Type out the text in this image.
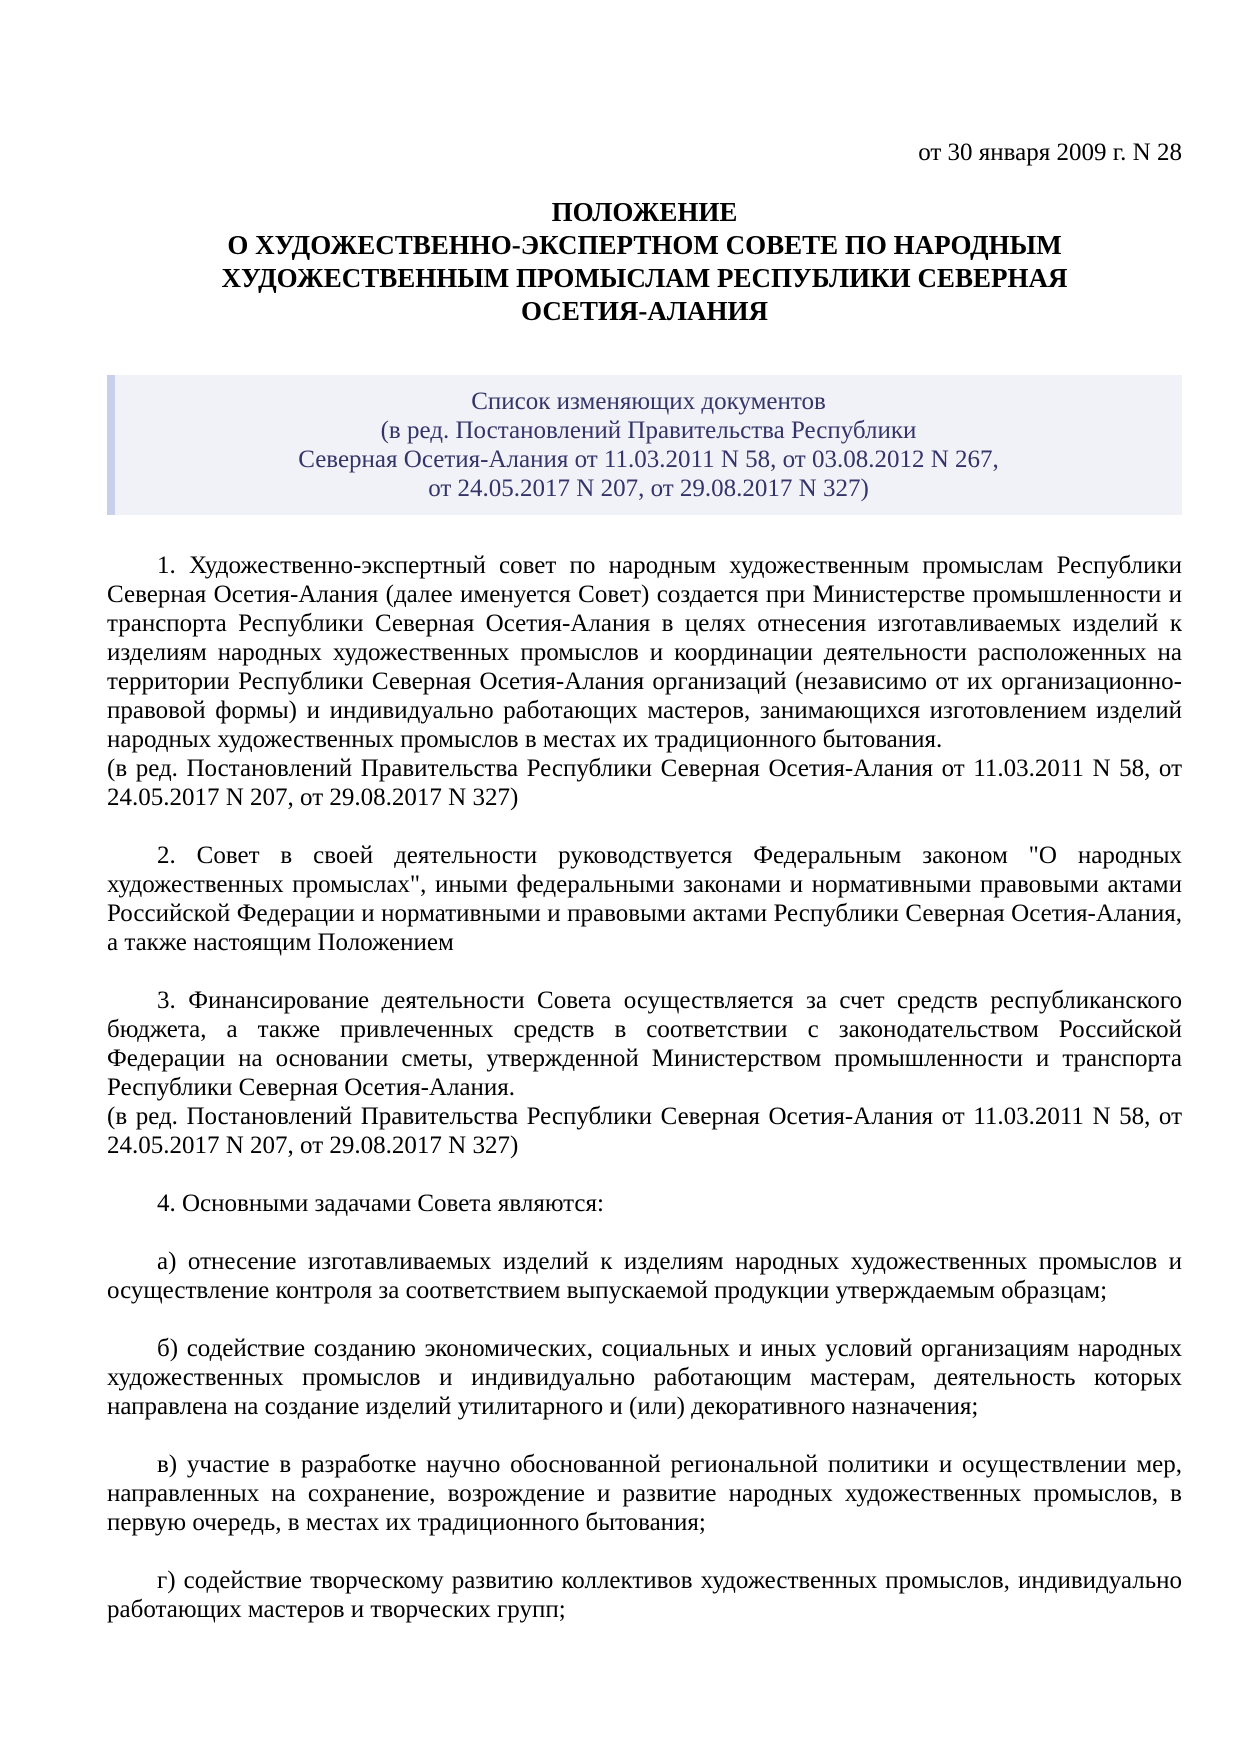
от 30 января 2009 г. N 28
ПОЛОЖЕНИЕ
О ХУДОЖЕСТВЕННО-ЭКСПЕРТНОМ СОВЕТЕ ПО НАРОДНЫМ
ХУДОЖЕСТВЕННЫМ ПРОМЫСЛАМ РЕСПУБЛИКИ СЕВЕРНАЯ
ОСЕТИЯ-АЛАНИЯ
Список изменяющих документов
(в ред. Постановлений Правительства Республики
Северная Осетия-Алания от 11.03.2011 N 58, от 03.08.2012 N 267,
от 24.05.2017 N 207, от 29.08.2017 N 327)

1. Художественно-экспертный совет по народным художественным промыслам Республики Северная Осетия-Алания (далее именуется Совет) создается при Министерстве промышленности и транспорта Республики Северная Осетия-Алания в целях отнесения изготавливаемых изделий к изделиям народных художественных промыслов и координации деятельности расположенных на территории Республики Северная Осетия-Алания организаций (независимо от их организационно-правовой формы) и индивидуально работающих мастеров, занимающихся изготовлением изделий народных художественных промыслов в местах их традиционного бытования.

(в ред. Постановлений Правительства Республики Северная Осетия-Алания от 11.03.2011 N 58, от 24.05.2017 N 207, от 29.08.2017 N 327)

2. Совет в своей деятельности руководствуется Федеральным законом "О народных художественных промыслах", иными федеральными законами и нормативными правовыми актами Российской Федерации и нормативными и правовыми актами Республики Северная Осетия-Алания, а также настоящим Положением

3. Финансирование деятельности Совета осуществляется за счет средств республиканского бюджета, а также привлеченных средств в соответствии с законодательством Российской Федерации на основании сметы, утвержденной Министерством промышленности и транспорта Республики Северная Осетия-Алания.

(в ред. Постановлений Правительства Республики Северная Осетия-Алания от 11.03.2011 N 58, от 24.05.2017 N 207, от 29.08.2017 N 327)

4. Основными задачами Совета являются:

а) отнесение изготавливаемых изделий к изделиям народных художественных промыслов и осуществление контроля за соответствием выпускаемой продукции утверждаемым образцам;

б) содействие созданию экономических, социальных и иных условий организациям народных художественных промыслов и индивидуально работающим мастерам, деятельность которых направлена на создание изделий утилитарного и (или) декоративного назначения;

в) участие в разработке научно обоснованной региональной политики и осуществлении мер, направленных на сохранение, возрождение и развитие народных художественных промыслов, в первую очередь, в местах их традиционного бытования;

г) содействие творческому развитию коллективов художественных промыслов, индивидуально работающих мастеров и творческих групп;
